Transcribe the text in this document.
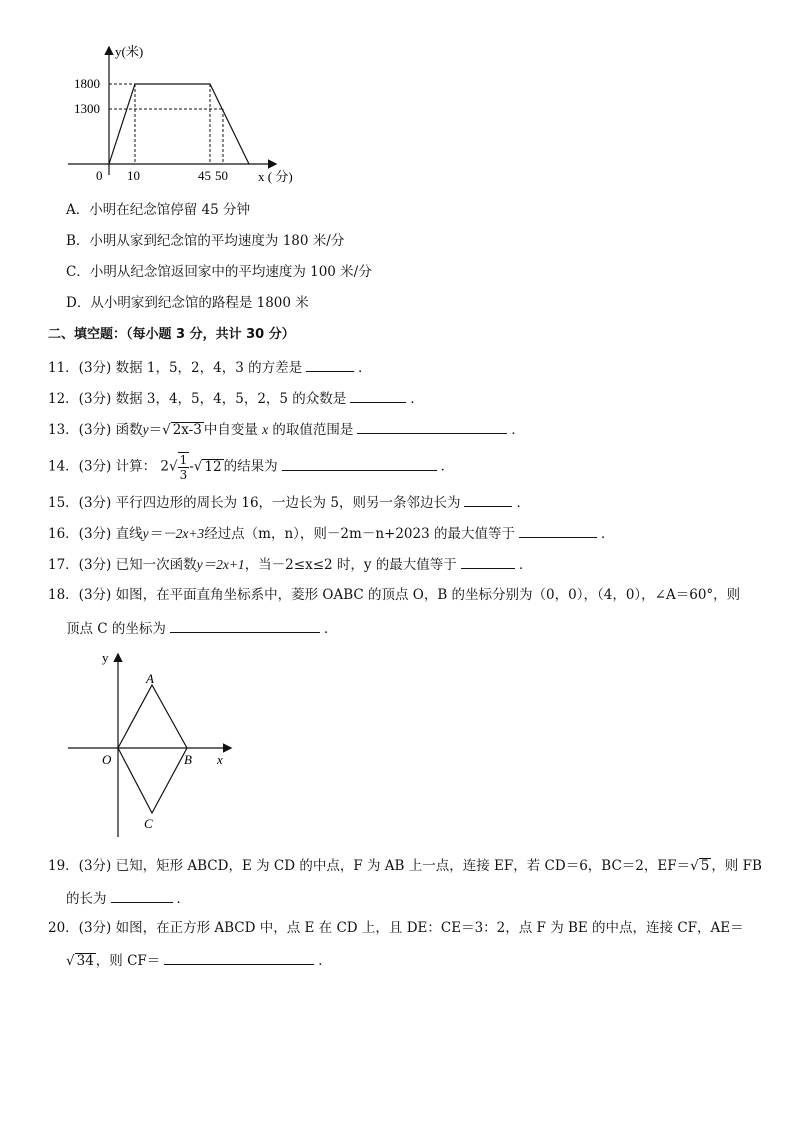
y(米)
1800
1300
0 10	45 50 x ( 分)
A．小明在纪念馆停留 45 分钟
B．小明从家到纪念馆的平均速度为 180 米/分
C．小明从纪念馆返回家中的平均速度为 100 米/分
D．从小明家到纪念馆的路程是 1800 米
二、填空题：（每小题 3 分，共计 30 分）
11．(3分) 数据 1，5，2，4，3 的方差是	．
12．(3分) 数据 3，4，5，4，5，2，5 的众数是	．
13．(3分) 函数y＝√ 2x-3 中自变量 x 的取值范围是	．
14．(3分) 计算： $2√ \frac{1}{3}$ -√ 12 的结果为	．
15．(3分) 平行四边形的周长为 16，一边长为 5，则另一条邻边长为	．
16．(3分) 直线y＝－2x+3经过点（m，n），则－2m－n+2023 的最大值等于	．
17．(3分) 已知一次函数y＝2x+1，当－2≤x≤2 时，y 的最大值等于	．
18．(3分) 如图，在平面直角坐标系中，菱形 OABC 的顶点 O，B 的坐标分别为（0，0），（4，0），∠A＝60°，则
顶点 C 的坐标为	．
y
A
O	B x
C
19．(3分) 已知，矩形 ABCD，E 为 CD 的中点，F 为 AB 上一点，连接 EF，若 CD＝6，BC＝2，EF＝√ 5 ，则 FB
的长为	．
20．(3分) 如图，在正方形 ABCD 中，点 E 在 CD 上，且 DE：CE＝3：2，点 F 为 BE 的中点，连接 CF，AE＝
√ 34 ，则 CF＝	．
